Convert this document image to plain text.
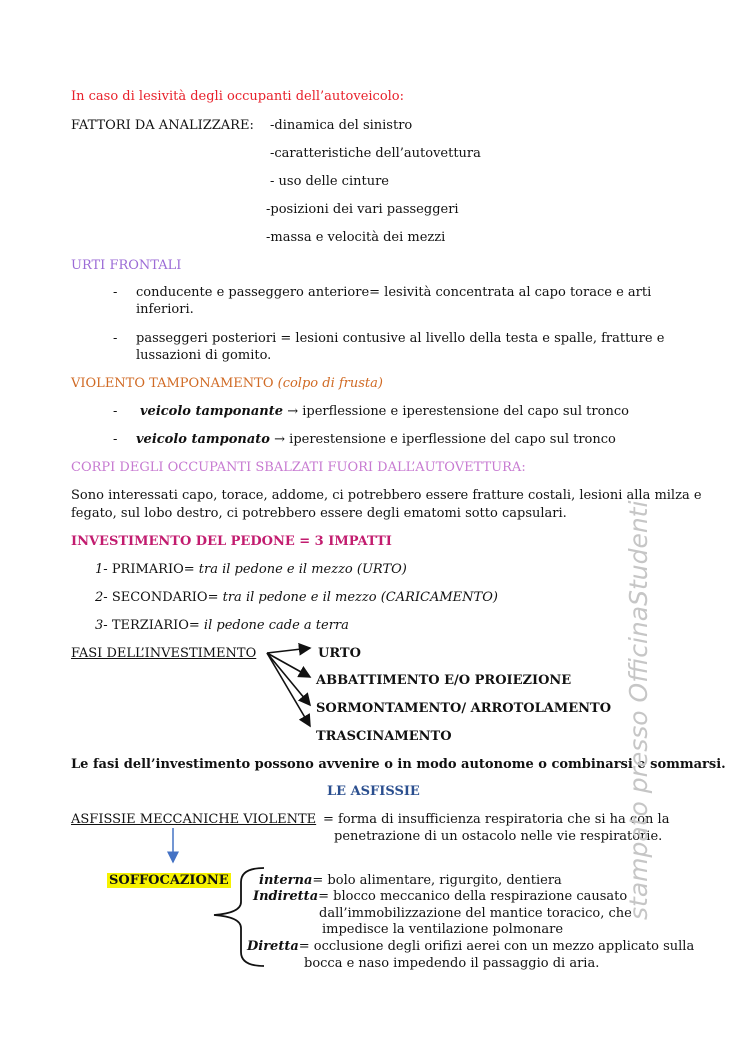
In caso di lesività degli occupanti dell’autoveicolo:
FATTORI DA ANALIZZARE: -dinamica del sinistro
-caratteristiche dell’autovettura
- uso delle cinture
-posizioni dei vari passeggeri
-massa e velocità dei mezzi
URTI FRONTALI
- conducente e passeggero anteriore= lesività concentrata al capo torace e arti
inferiori.
- passeggeri posteriori = lesioni contusive al livello della testa e spalle, fratture e
lussazioni di gomito.
VIOLENTO TAMPONAMENTO (colpo di frusta)
- veicolo tamponante → iperflessione e iperestensione del capo sul tronco
- veicolo tamponato → iperestensione e iperflessione del capo sul tronco
CORPI DEGLI OCCUPANTI SBALZATI FUORI DALL’AUTOVETTURA:
Sono interessati capo, torace, addome, ci potrebbero essere fratture costali, lesioni alla milza e
fegato, sul lobo destro, ci potrebbero essere degli ematomi sotto capsulari.
INVESTIMENTO DEL PEDONE = 3 IMPATTI
1- PRIMARIO= tra il pedone e il mezzo (URTO)
2- SECONDARIO= tra il pedone e il mezzo (CARICAMENTO)
3- TERZIARIO= il pedone cade a terra
FASI DELL’INVESTIMENTO	URTO
ABBATTIMENTO E/O PROIEZIONE
SORMONTAMENTO/ ARROTOLAMENTO
TRASCINAMENTO
Le fasi dell’investimento possono avvenire o in modo autonome o combinarsi e sommarsi.
LE ASFISSIE
ASFISSIE MECCANICHE VIOLENTE = forma di insufficienza respiratoria che si ha con la
penetrazione di un ostacolo nelle vie respiratorie.
SOFFOCAZIONE interna= bolo alimentare, rigurgito, dentiera
Indiretta= blocco meccanico della respirazione causato
dall’immobilizzazione del mantice toracico, che
impedisce la ventilazione polmonare
Diretta= occlusione degli orifizi aerei con un mezzo applicato sulla
bocca e naso impedendo il passaggio di aria.
stampato presso OfficinaStudenti
